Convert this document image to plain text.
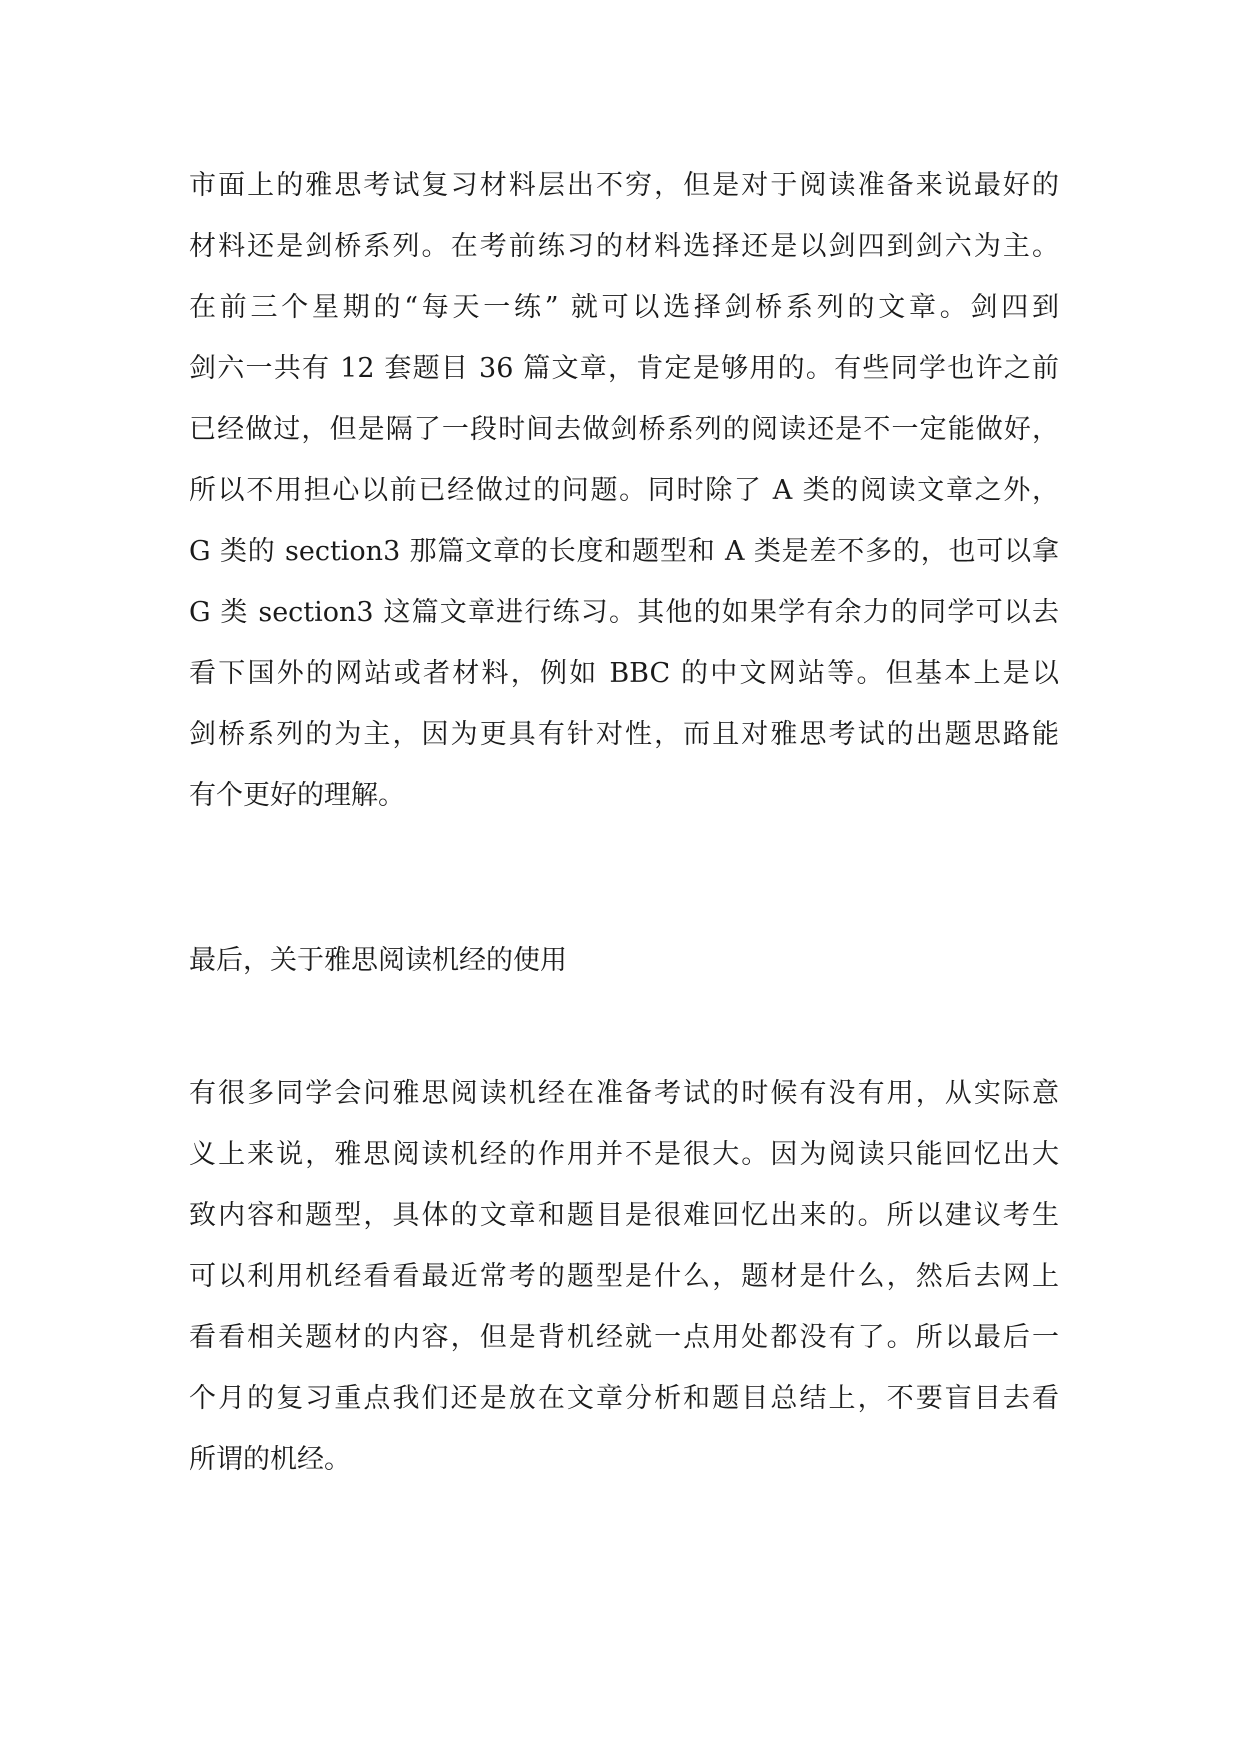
市面上的雅思考试复习材料层出不穷，但是对于阅读准备来说最好的
材料还是剑桥系列。在考前练习的材料选择还是以剑四到剑六为主。
在前三个星期的“每天一练” 就可以选择剑桥系列的文章。剑四到
剑六一共有 12 套题目 36 篇文章，肯定是够用的。有些同学也许之前
已经做过，但是隔了一段时间去做剑桥系列的阅读还是不一定能做好，
所以不用担心以前已经做过的问题。同时除了 A 类的阅读文章之外，
G 类的 section3 那篇文章的长度和题型和 A 类是差不多的，也可以拿
G 类 section3 这篇文章进行练习。其他的如果学有余力的同学可以去
看下国外的网站或者材料，例如 BBC 的中文网站等。但基本上是以
剑桥系列的为主，因为更具有针对性，而且对雅思考试的出题思路能
有个更好的理解。
最后，关于雅思阅读机经的使用
有很多同学会问雅思阅读机经在准备考试的时候有没有用，从实际意
义上来说，雅思阅读机经的作用并不是很大。因为阅读只能回忆出大
致内容和题型，具体的文章和题目是很难回忆出来的。所以建议考生
可以利用机经看看最近常考的题型是什么，题材是什么，然后去网上
看看相关题材的内容，但是背机经就一点用处都没有了。所以最后一
个月的复习重点我们还是放在文章分析和题目总结上，不要盲目去看
所谓的机经。
